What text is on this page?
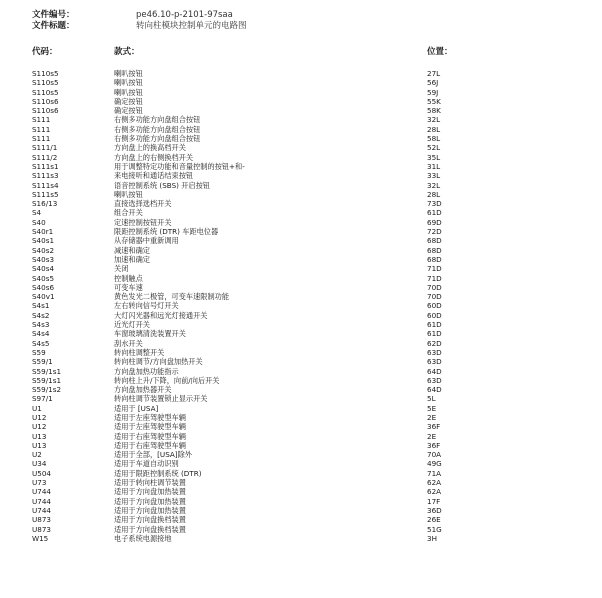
文件编号：	pe46.10-p-2101-97saa
文件标题：	转向柱模块控制单元的电路图
代码：	款式：	位置：
S110s5	喇叭按钮	27L
S110s5	喇叭按钮	56J
S110s5	喇叭按钮	59J
S110s6	确定按钮	55K
S110s6	确定按钮	58K
S111	右侧多功能方向盘组合按钮	32L
S111	右侧多功能方向盘组合按钮	28L
S111	右侧多功能方向盘组合按钮	58L
S111/1	方向盘上的换高档开关	52L
S111/2	方向盘上的右侧换档开关	35L
S111s1	用于调整特定功能和音量控制的按钮+和-	31L
S111s3	来电接听和通话结束按钮	33L
S111s4	语音控制系统 (SBS) 开启按钮	32L
S111s5	喇叭按钮	28L
S16/13	直接选择选档开关	73D
S4	组合开关	61D
S40	定速控制按钮开关	69D
S40r1	限距控制系统 (DTR) 车距电位器	72D
S40s1	从存储器中重新调用	68D
S40s2	减速和确定	68D
S40s3	加速和确定	68D
S40s4	关闭	71D
S40s5	控制触点	71D
S40s6	可变车速	70D
S40v1	黄色发光二极管，可变车速限制功能	70D
S4s1	左右转向信号灯开关	60D
S4s2	大灯闪光器和远光灯接通开关	60D
S4s3	近光灯开关	61D
S4s4	车窗玻璃清洗装置开关	61D
S4s5	刮水开关	62D
S59	转向柱调整开关	63D
S59/1	转向柱调节/方向盘加热开关	63D
S59/1s1	方向盘加热功能指示	64D
S59/1s1	转向柱上升/下降，向前/向后开关	63D
S59/1s2	方向盘加热器开关	64D
S97/1	转向柱调节装置锁止显示开关	5L
U1	适用于 [USA]	5E
U12	适用于左座驾驶型车辆	2E
U12	适用于左座驾驶型车辆	36F
U13	适用于右座驾驶型车辆	2E
U13	适用于右座驾驶型车辆	36F
U2	适用于全部，[USA]除外	70A
U34	适用于车道自动识别	49G
U504	适用于限距控制系统 (DTR)	71A
U73	适用于转向柱调节装置	62A
U744	适用于方向盘加热装置	62A
U744	适用于方向盘加热装置	17F
U744	适用于方向盘加热装置	36D
U873	适用于方向盘换档装置	26E
U873	适用于方向盘换档装置	51G
W15	电子系统电源接地	3H
